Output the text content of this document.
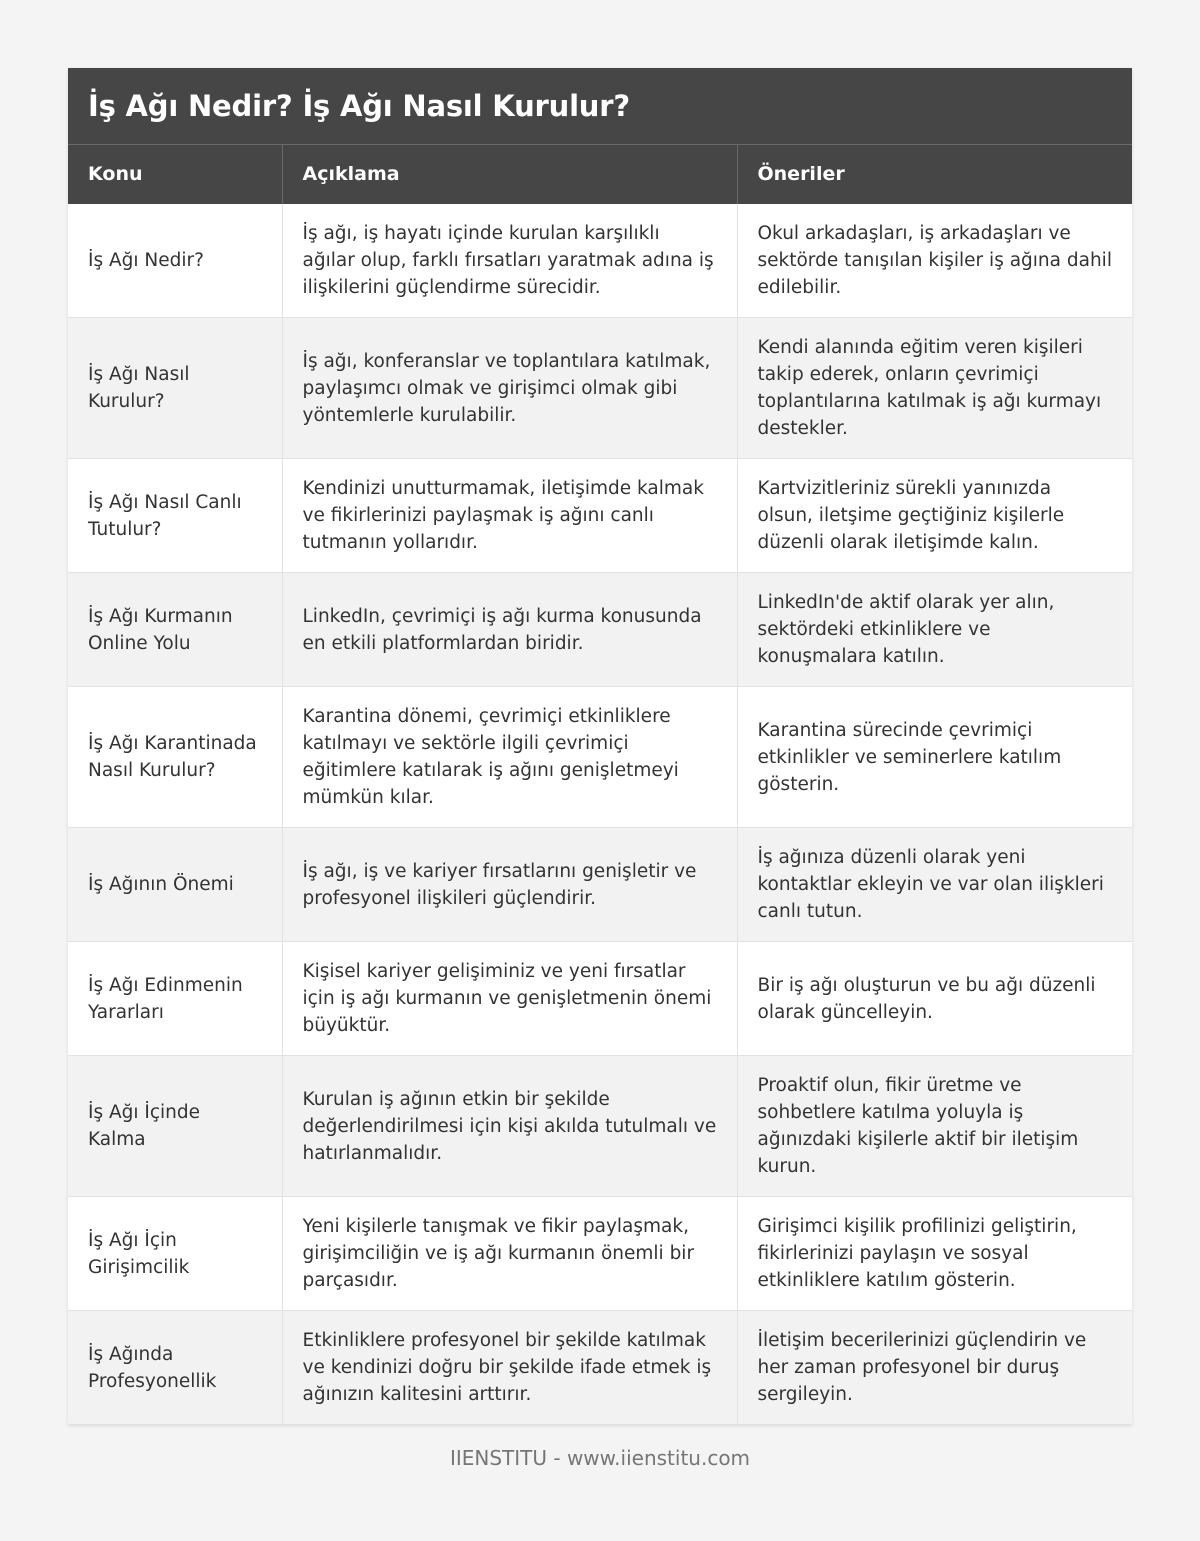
İş Ağı Nedir? İş Ağı Nasıl Kurulur?
Konu	Açıklama	Öneriler
İş Ağı Nedir?	İş ağı, iş hayatı içinde kurulan karşılıklı ağılar olup, farklı fırsatları yaratmak adına iş ilişkilerini güçlendirme sürecidir.	Okul arkadaşları, iş arkadaşları ve sektörde tanışılan kişiler iş ağına dahil edilebilir.
İş Ağı Nasıl Kurulur?	İş ağı, konferanslar ve toplantılara katılmak, paylaşımcı olmak ve girişimci olmak gibi yöntemlerle kurulabilir.	Kendi alanında eğitim veren kişileri takip ederek, onların çevrimiçi toplantılarına katılmak iş ağı kurmayı destekler.
İş Ağı Nasıl Canlı Tutulur?	Kendinizi unutturmamak, iletişimde kalmak ve fikirlerinizi paylaşmak iş ağını canlı tutmanın yollarıdır.	Kartvizitleriniz sürekli yanınızda olsun, iletşime geçtiğiniz kişilerle düzenli olarak iletişimde kalın.
İş Ağı Kurmanın Online Yolu	LinkedIn, çevrimiçi iş ağı kurma konusunda en etkili platformlardan biridir.	LinkedIn'de aktif olarak yer alın, sektördeki etkinliklere ve konuşmalara katılın.
İş Ağı Karantinada Nasıl Kurulur?	Karantina dönemi, çevrimiçi etkinliklere katılmayı ve sektörle ilgili çevrimiçi eğitimlere katılarak iş ağını genişletmeyi mümkün kılar.	Karantina sürecinde çevrimiçi etkinlikler ve seminerlere katılım gösterin.
İş Ağının Önemi	İş ağı, iş ve kariyer fırsatlarını genişletir ve profesyonel ilişkileri güçlendirir.	İş ağınıza düzenli olarak yeni kontaktlar ekleyin ve var olan ilişkleri canlı tutun.
İş Ağı Edinmenin Yararları	Kişisel kariyer gelişiminiz ve yeni fırsatlar için iş ağı kurmanın ve genişletmenin önemi büyüktür.	Bir iş ağı oluşturun ve bu ağı düzenli olarak güncelleyin.
İş Ağı İçinde Kalma	Kurulan iş ağının etkin bir şekilde değerlendirilmesi için kişi akılda tutulmalı ve hatırlanmalıdır.	Proaktif olun, fikir üretme ve sohbetlere katılma yoluyla iş ağınızdaki kişilerle aktif bir iletişim kurun.
İş Ağı İçin Girişimcilik	Yeni kişilerle tanışmak ve fikir paylaşmak, girişimciliğin ve iş ağı kurmanın önemli bir parçasıdır.	Girişimci kişilik profilinizi geliştirin, fikirlerinizi paylaşın ve sosyal etkinliklere katılım gösterin.
İş Ağında Profesyonellik	Etkinliklere profesyonel bir şekilde katılmak ve kendinizi doğru bir şekilde ifade etmek iş ağınızın kalitesini arttırır.	İletişim becerilerinizi güçlendirin ve her zaman profesyonel bir duruş sergileyin.
IIENSTITU - www.iienstitu.com
